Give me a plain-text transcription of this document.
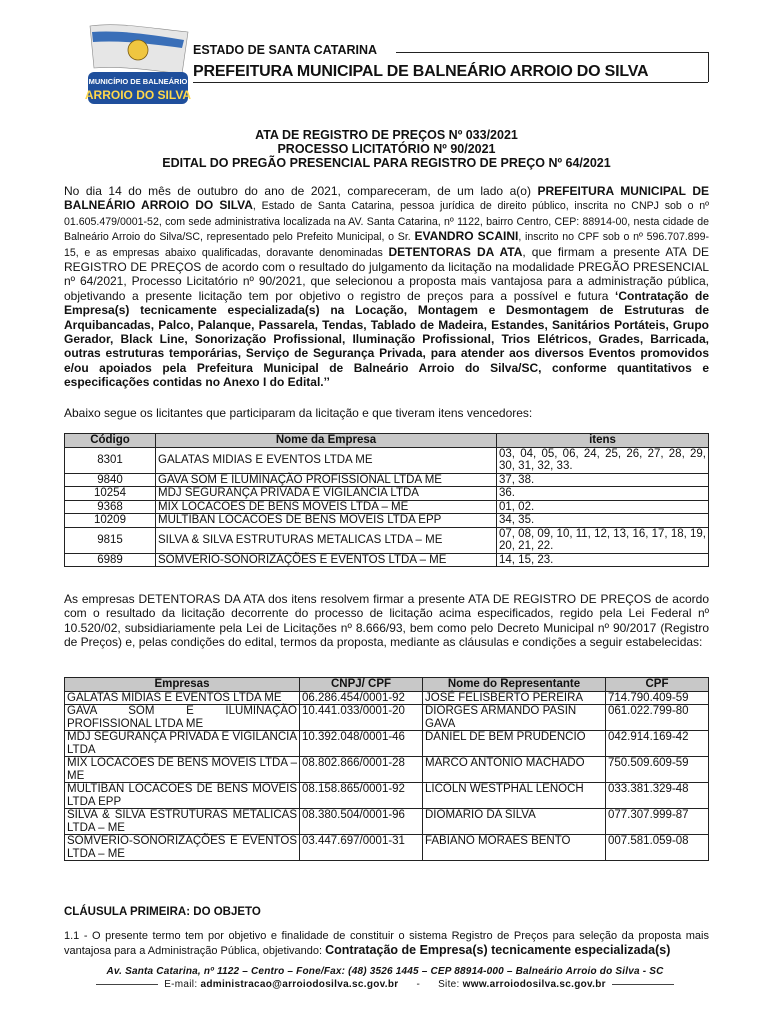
MUNICÍPIO DE BALNEÁRIO
ARROIO DO SILVA
ESTADO DE SANTA CATARINA
PREFEITURA MUNICIPAL DE BALNEÁRIO ARROIO DO SILVA
ATA DE REGISTRO DE PREÇOS Nº 033/2021
PROCESSO LICITATÓRIO Nº 90/2021
EDITAL DO PREGÃO PRESENCIAL PARA REGISTRO DE PREÇO Nº 64/2021
No dia 14 do mês de outubro do ano de 2021, compareceram, de um lado a(o) PREFEITURA MUNICIPAL DE BALNEÁRIO ARROIO DO SILVA, Estado de Santa Catarina, pessoa jurídica de direito público, inscrita no CNPJ sob o nº 01.605.479/0001-52, com sede administrativa localizada na AV. Santa Catarina, nº 1122, bairro Centro, CEP: 88914-00, nesta cidade de Balneário Arroio do Silva/SC, representado pelo Prefeito Municipal, o Sr. EVANDRO SCAINI, inscrito no CPF sob o nº 596.707.899-15, e as empresas abaixo qualificadas, doravante denominadas DETENTORAS DA ATA, que firmam a presente ATA DE REGISTRO DE PREÇOS de acordo com o resultado do julgamento da licitação na modalidade PREGÃO PRESENCIAL nº 64/2021, Processo Licitatório nº 90/2021, que selecionou a proposta mais vantajosa para a administração pública, objetivando a presente licitação tem por objetivo o registro de preços para a possível e futura ‘Contratação de Empresa(s) tecnicamente especializada(s) na Locação, Montagem e Desmontagem de Estruturas de Arquibancadas, Palco, Palanque, Passarela, Tendas, Tablado de Madeira, Estandes, Sanitários Portáteis, Grupo Gerador, Black Line, Sonorização Profissional, Iluminação Profissional, Trios Elétricos, Grades, Barricada, outras estruturas temporárias, Serviço de Segurança Privada, para atender aos diversos Eventos promovidos e/ou apoiados pela Prefeitura Municipal de Balneário Arroio do Silva/SC, conforme quantitativos e especificações contidas no Anexo I do Edital.’’
Abaixo segue os licitantes que participaram da licitação e que tiveram itens vencedores:
Código	Nome da Empresa	itens
8301	GALATAS MIDIAS E EVENTOS LTDA ME	03, 04, 05, 06, 24, 25, 26, 27, 28, 29, 30, 31, 32, 33.
9840	GAVA SOM E ILUMINAÇÃO PROFISSIONAL LTDA ME	37, 38.
10254	MDJ SEGURANÇA PRIVADA E VIGILANCIA LTDA	36.
9368	MIX LOCACOES DE BENS MOVEIS LTDA – ME	01, 02.
10209	MULTIBAN LOCACOES DE BENS MOVEIS LTDA EPP	34, 35.
9815	SILVA & SILVA ESTRUTURAS METALICAS LTDA – ME	07, 08, 09, 10, 11, 12, 13, 16, 17, 18, 19, 20, 21, 22.
6989	SOMVERIO-SONORIZAÇÕES E EVENTOS LTDA – ME	14, 15, 23.
As empresas DETENTORAS DA ATA dos itens resolvem firmar a presente ATA DE REGISTRO DE PREÇOS de acordo com o resultado da licitação decorrente do processo de licitação acima especificados, regido pela Lei Federal nº 10.520/02, subsidiariamente pela Lei de Licitações nº 8.666/93, bem como pelo Decreto Municipal nº 90/2017 (Registro de Preços) e, pelas condições do edital, termos da proposta, mediante as cláusulas e condições a seguir estabelecidas:
Empresas	CNPJ/ CPF	Nome do Representante	CPF
GALATAS MIDIAS E EVENTOS LTDA ME	06.286.454/0001-92	JOSÉ FELISBERTO PEREIRA	714.790.409-59
GAVA SOM E ILUMINAÇÃO PROFISSIONAL LTDA ME	10.441.033/0001-20	DIORGES ARMANDO PASIN GAVA	061.022.799-80
MDJ SEGURANÇA PRIVADA E VIGILANCIA LTDA	10.392.048/0001-46	DANIEL DE BEM PRUDENCIO	042.914.169-42
MIX LOCACOES DE BENS MOVEIS LTDA – ME	08.802.866/0001-28	MARCO ANTONIO MACHADO	750.509.609-59
MULTIBAN LOCACOES DE BENS MOVEIS LTDA EPP	08.158.865/0001-92	LICOLN WESTPHAL LENOCH	033.381.329-48
SILVA & SILVA ESTRUTURAS METALICAS LTDA – ME	08.380.504/0001-96	DIOMARIO DA SILVA	077.307.999-87
SOMVERIO-SONORIZAÇÕES E EVENTOS LTDA – ME	03.447.697/0001-31	FABIANO MORAES BENTO	007.581.059-08
CLÁUSULA PRIMEIRA: DO OBJETO
1.1 - O presente termo tem por objetivo e finalidade de constituir o sistema Registro de Preços para seleção da proposta mais vantajosa para a Administração Pública, objetivando: Contratação de Empresa(s) tecnicamente especializada(s)
Av. Santa Catarina, nº 1122 – Centro – Fone/Fax: (48) 3526 1445 – CEP 88914-000 – Balneário Arroio do Silva - SC
E-mail: administracao@arroiodosilva.sc.gov.br - Site: www.arroiodosilva.sc.gov.br
